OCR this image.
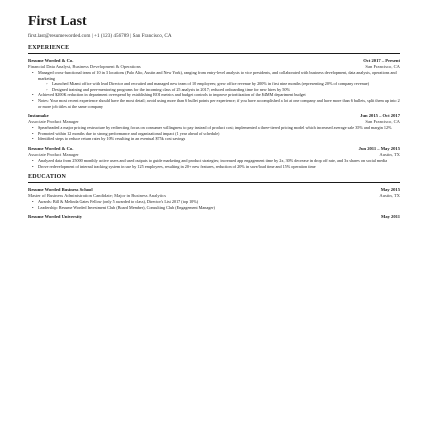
First Last
first.last@resumeworded.com | +1 (123) 456789 | San Francisco, CA
EXPERIENCE
Resume Worded & Co.	Oct 2017 – Present
Financial Data Analyst, Business Development & Operations	San Francisco, CA
• Managed cross-functional team of 10 in 3 locations (Palo Alto, Austin and New York), ranging from entry-level analysts to vice presidents, and collaborated with business development, data analysis, operations and marketing
◦ Launched Miami office with lead Director and recruited and managed new team of 10 employees; grew office revenue by 200% in first nine months (representing 20% of company revenue)
◦ Designed training and peer-mentoring programs for the incoming class of 25 analysts in 2017; reduced onboarding time for new hires by 50%
• Achieved $200K reduction in department overspend by establishing ROI metrics and budget controls to improve prioritization of the $4MM department budget
• Notes: Your most recent experience should have the most detail; avoid using more than 6 bullet points per experience; if you have accomplished a lot at one company and have more than 6 bullets, split them up into 2 or more job titles at the same company
Instamake	Jun 2015 – Oct 2017
Associate Product Manager	San Francisco, CA
• Spearheaded a major pricing restructure by redirecting focus on consumer willingness to pay instead of product cost; implemented a three-tiered pricing model which increased average sale 35% and margin 12%
• Promoted within 12 months due to strong performance and organizational impact (1 year ahead of schedule)
• Identified steps to reduce return rates by 10% resulting in an eventual $75k cost savings
Resume Worded & Co.	Jun 2011 – May 2015
Associate Product Manager	Austin, TX
• Analyzed data from 25000 monthly active users and used outputs to guide marketing and product strategies; increased app engagement time by 2x, 30% decrease in drop off rate, and 3x shares on social media
• Drove redevelopment of internal tracking system in use by 125 employees, resulting in 20+ new features, reduction of 20% in save/load time and 15% operation time
EDUCATION
Resume Worded Business School	May 2015
Master of Business Administration Candidate; Major in Business Analytics	Austin, TX
• Awards: Bill & Melinda Gates Fellow (only 5 awarded to class), Director's List 2017 (top 10%)
• Leadership: Resume Worded Investment Club (Board Member), Consulting Club (Engagement Manager)
Resume Worded University	May 2011
